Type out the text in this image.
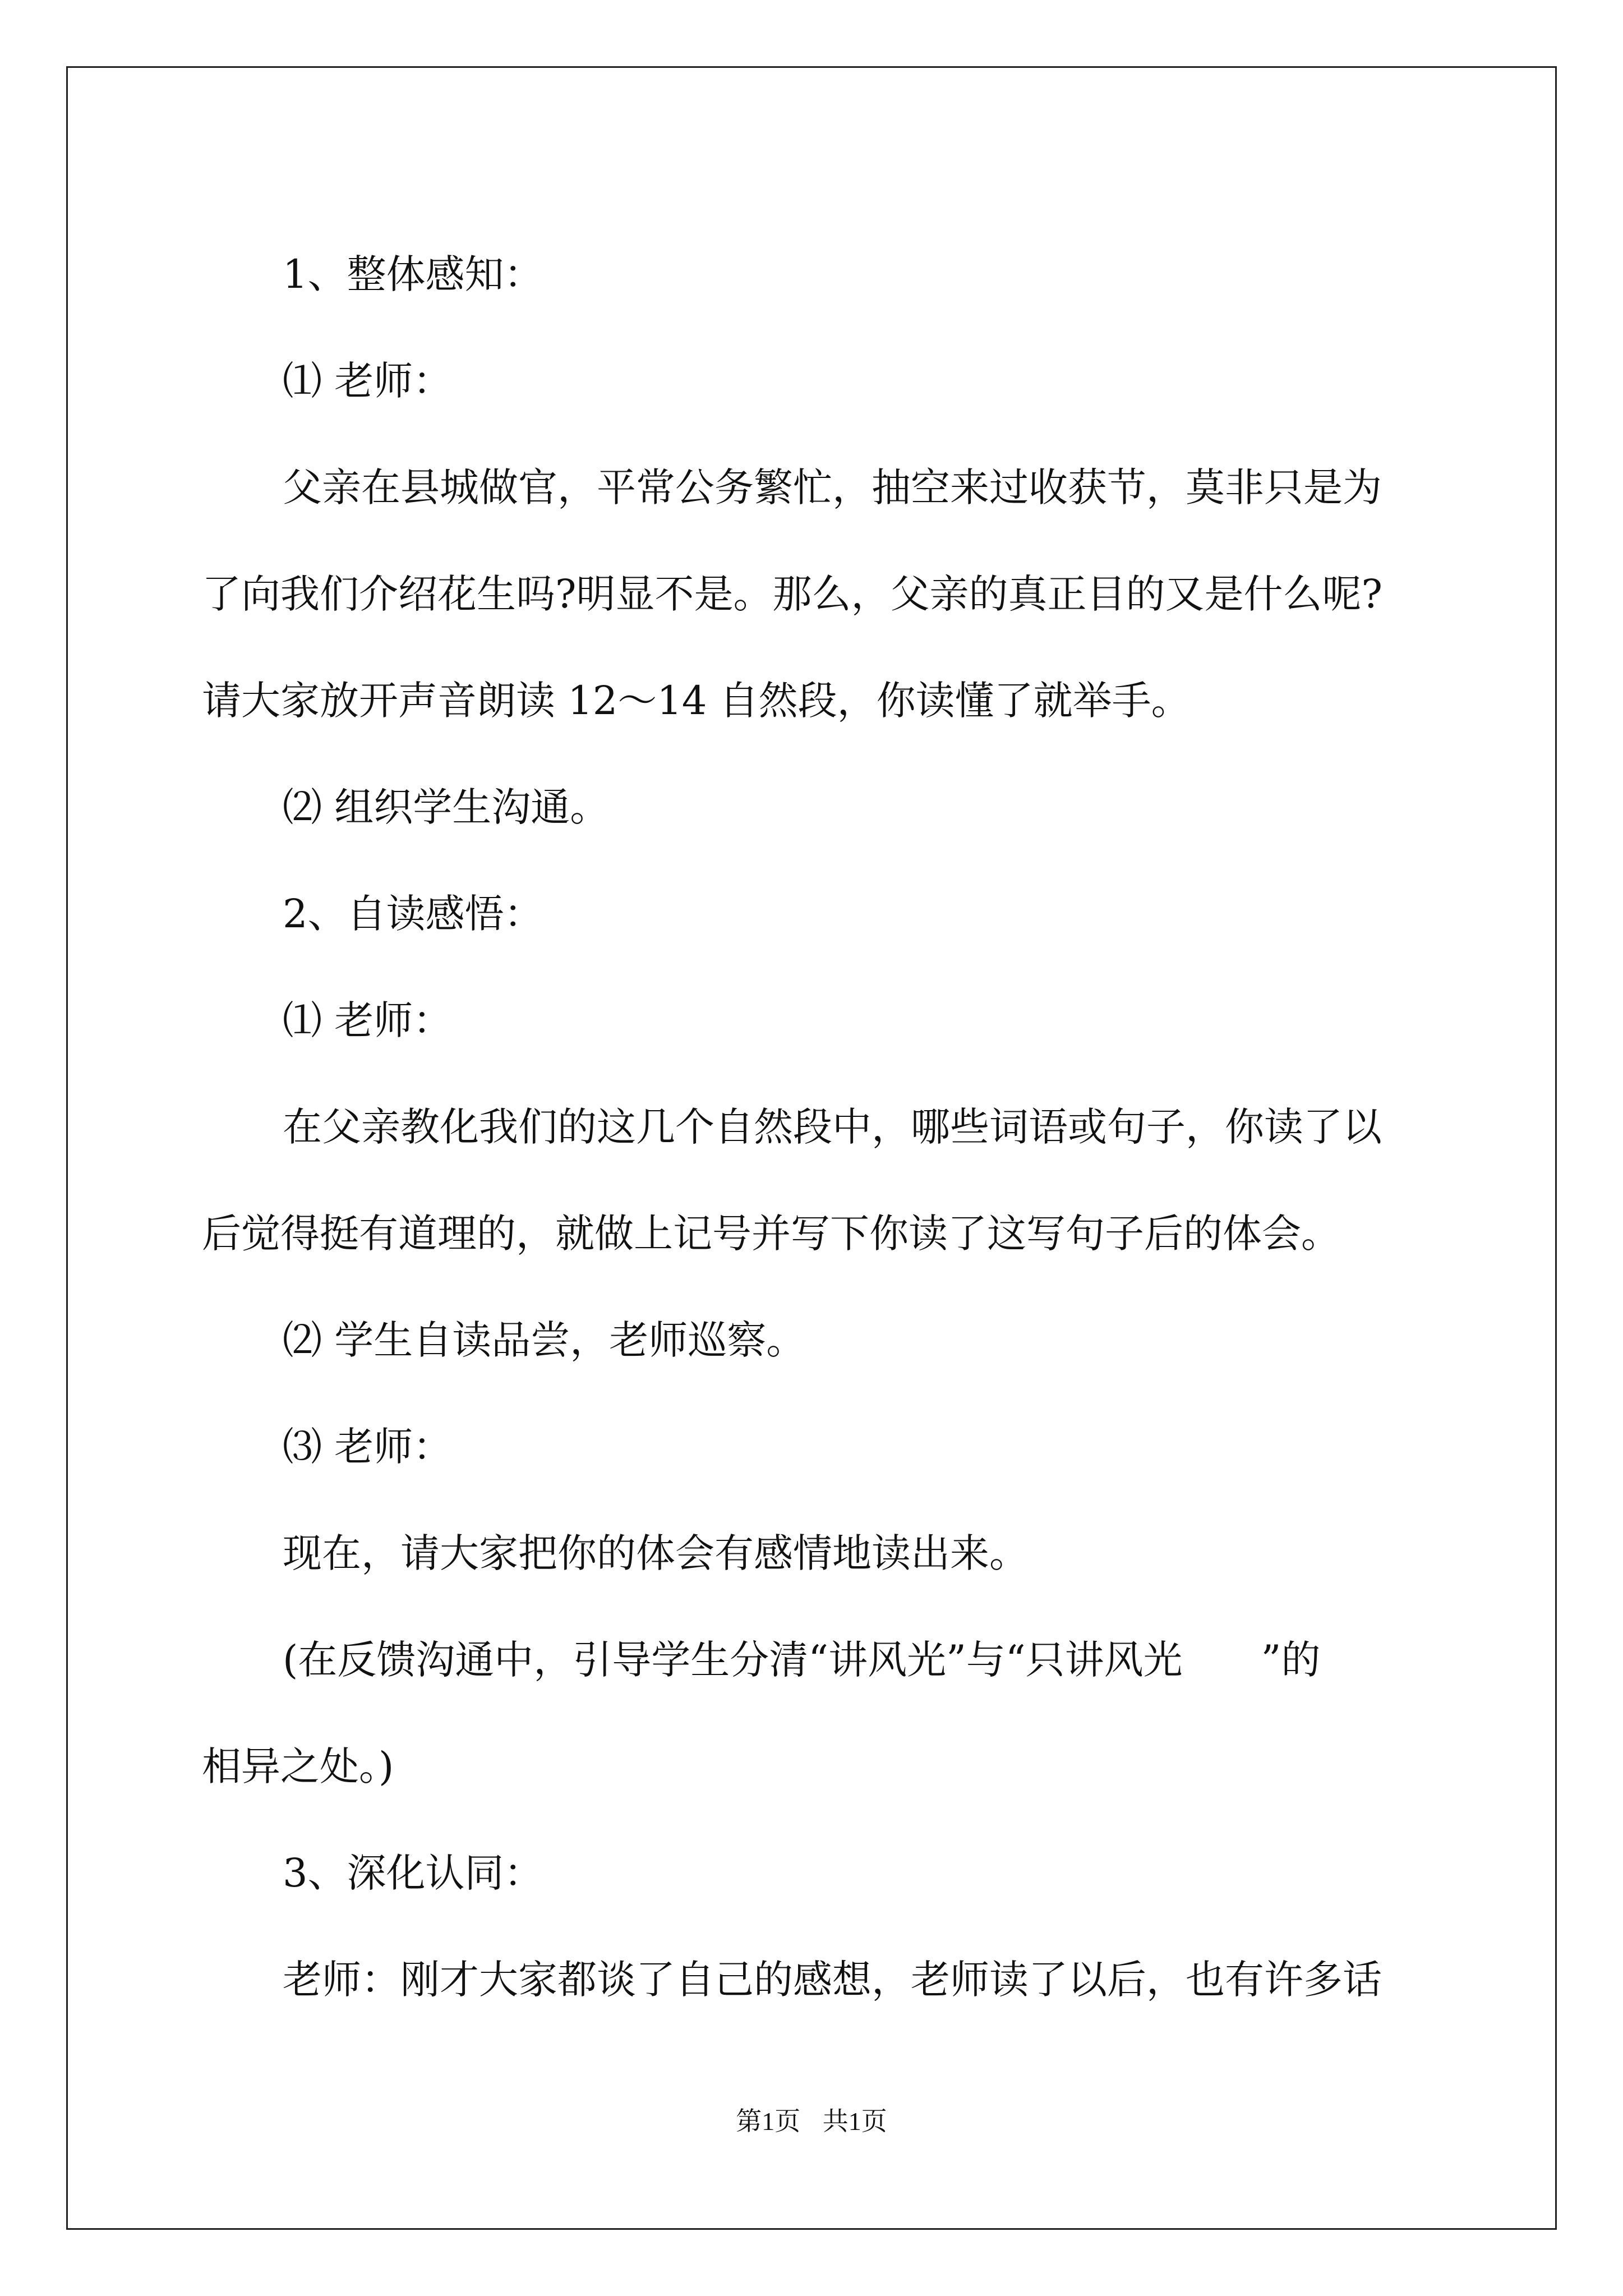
1、整体感知：

⑴ 老师：

父亲在县城做官，平常公务繁忙，抽空来过收获节，莫非只是为

了向我们介绍花生吗?明显不是。那么，父亲的真正目的又是什么呢?

请大家放开声音朗读 12～14 自然段，你读懂了就举手。

⑵ 组织学生沟通。

2、自读感悟：

⑴ 老师：

在父亲教化我们的这几个自然段中，哪些词语或句子，你读了以

后觉得挺有道理的，就做上记号并写下你读了这写句子后的体会。

⑵ 学生自读品尝，老师巡察。

⑶ 老师：

现在，请大家把你的体会有感情地读出来。

(在反馈沟通中，引导学生分清“讲风光”与“只讲风光　　”的

相异之处。)

3、深化认同：

老师：刚才大家都谈了自己的感想，老师读了以后，也有许多话

第1页 共1页
